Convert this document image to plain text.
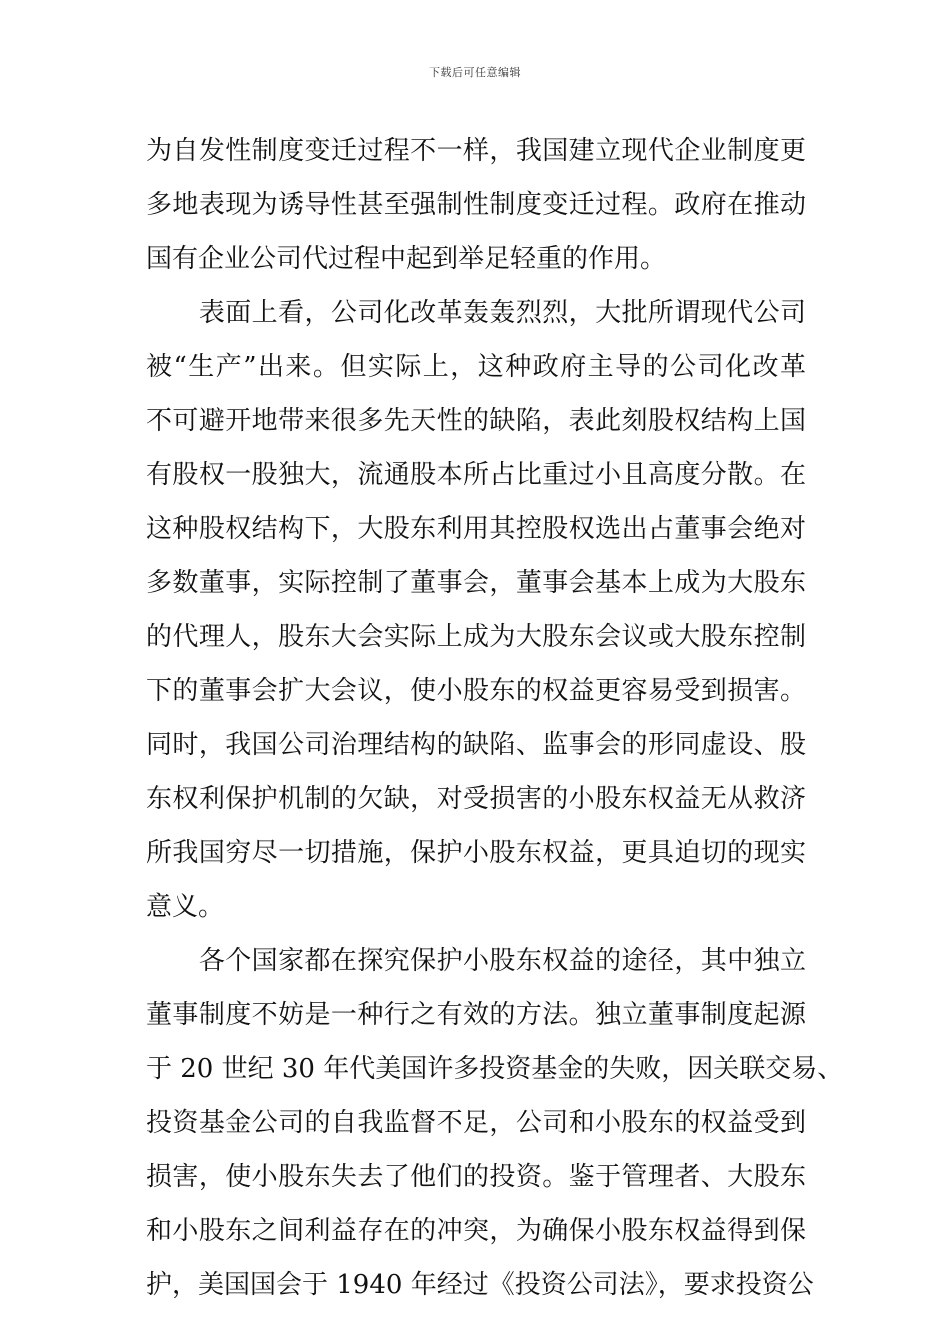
下载后可任意编辑
为自发性制度变迁过程不一样，我国建立现代企业制度更
多地表现为诱导性甚至强制性制度变迁过程。政府在推动
国有企业公司代过程中起到举足轻重的作用。
　　表面上看，公司化改革轰轰烈烈，大批所谓现代公司
被“生产”出来。但实际上，这种政府主导的公司化改革
不可避开地带来很多先天性的缺陷，表此刻股权结构上国
有股权一股独大，流通股本所占比重过小且高度分散。在
这种股权结构下，大股东利用其控股权选出占董事会绝对
多数董事，实际控制了董事会，董事会基本上成为大股东
的代理人，股东大会实际上成为大股东会议或大股东控制
下的董事会扩大会议，使小股东的权益更容易受到损害。
同时，我国公司治理结构的缺陷、监事会的形同虚设、股
东权利保护机制的欠缺，对受损害的小股东权益无从救济
所我国穷尽一切措施，保护小股东权益，更具迫切的现实
意义。
　　各个国家都在探究保护小股东权益的途径，其中独立
董事制度不妨是一种行之有效的方法。独立董事制度起源
于 20 世纪 30 年代美国许多投资基金的失败，因关联交易、
投资基金公司的自我监督不足，公司和小股东的权益受到
损害，使小股东失去了他们的投资。鉴于管理者、大股东
和小股东之间利益存在的冲突，为确保小股东权益得到保
护，美国国会于 1940 年经过《投资公司法》，要求投资公
